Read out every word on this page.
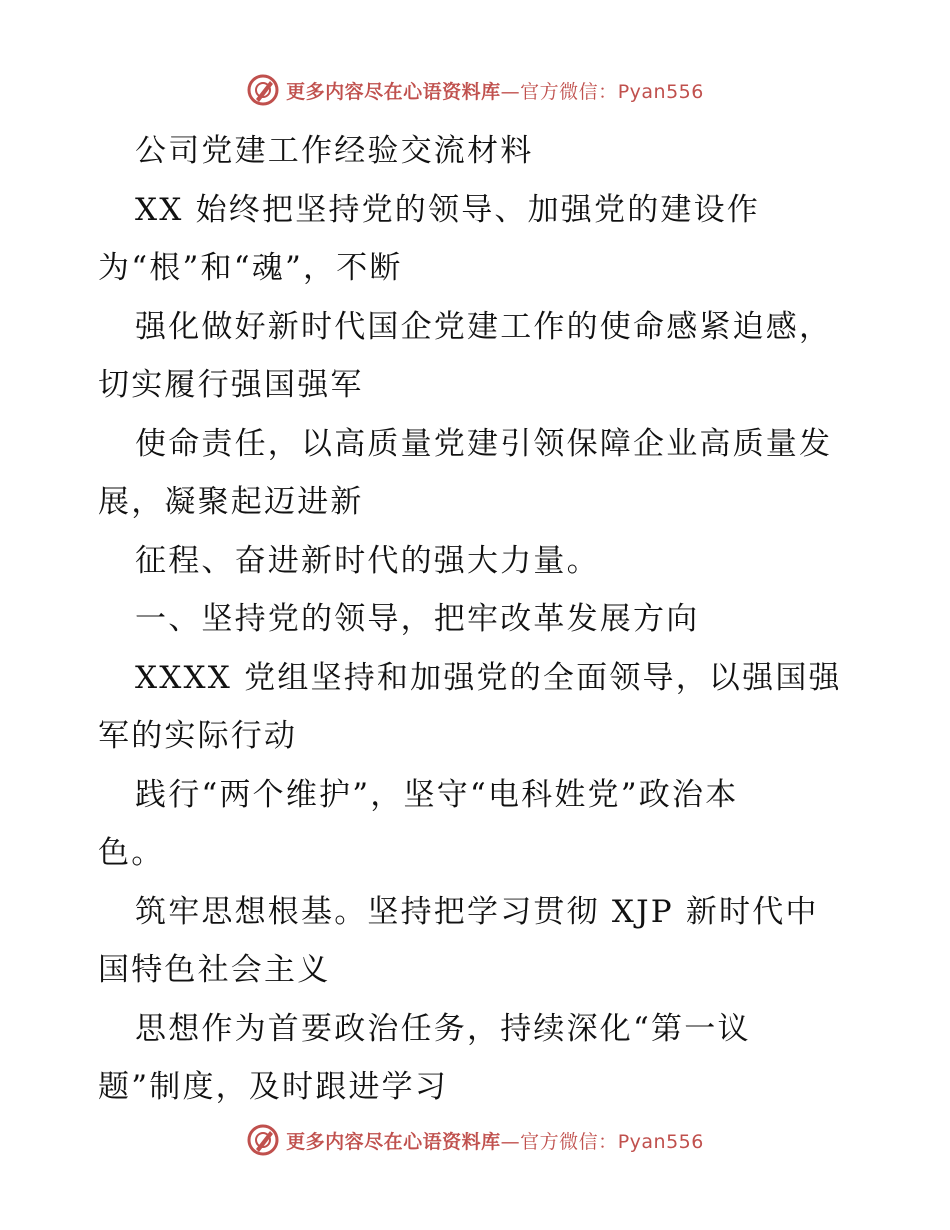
更多内容尽在心语资料库—官方微信：Pyan556
公司党建工作经验交流材料
XX 始终把坚持党的领导、加强党的建设作
为“根”和“魂”，不断
强化做好新时代国企党建工作的使命感紧迫感，
切实履行强国强军
使命责任，以高质量党建引领保障企业高质量发
展，凝聚起迈进新
征程、奋进新时代的强大力量。
一、坚持党的领导，把牢改革发展方向
XXXX 党组坚持和加强党的全面领导，以强国强
军的实际行动
践行“两个维护”，坚守“电科姓党”政治本
色。
筑牢思想根基。坚持把学习贯彻 XJP 新时代中
国特色社会主义
思想作为首要政治任务，持续深化“第一议
题”制度，及时跟进学习
更多内容尽在心语资料库—官方微信：Pyan556
